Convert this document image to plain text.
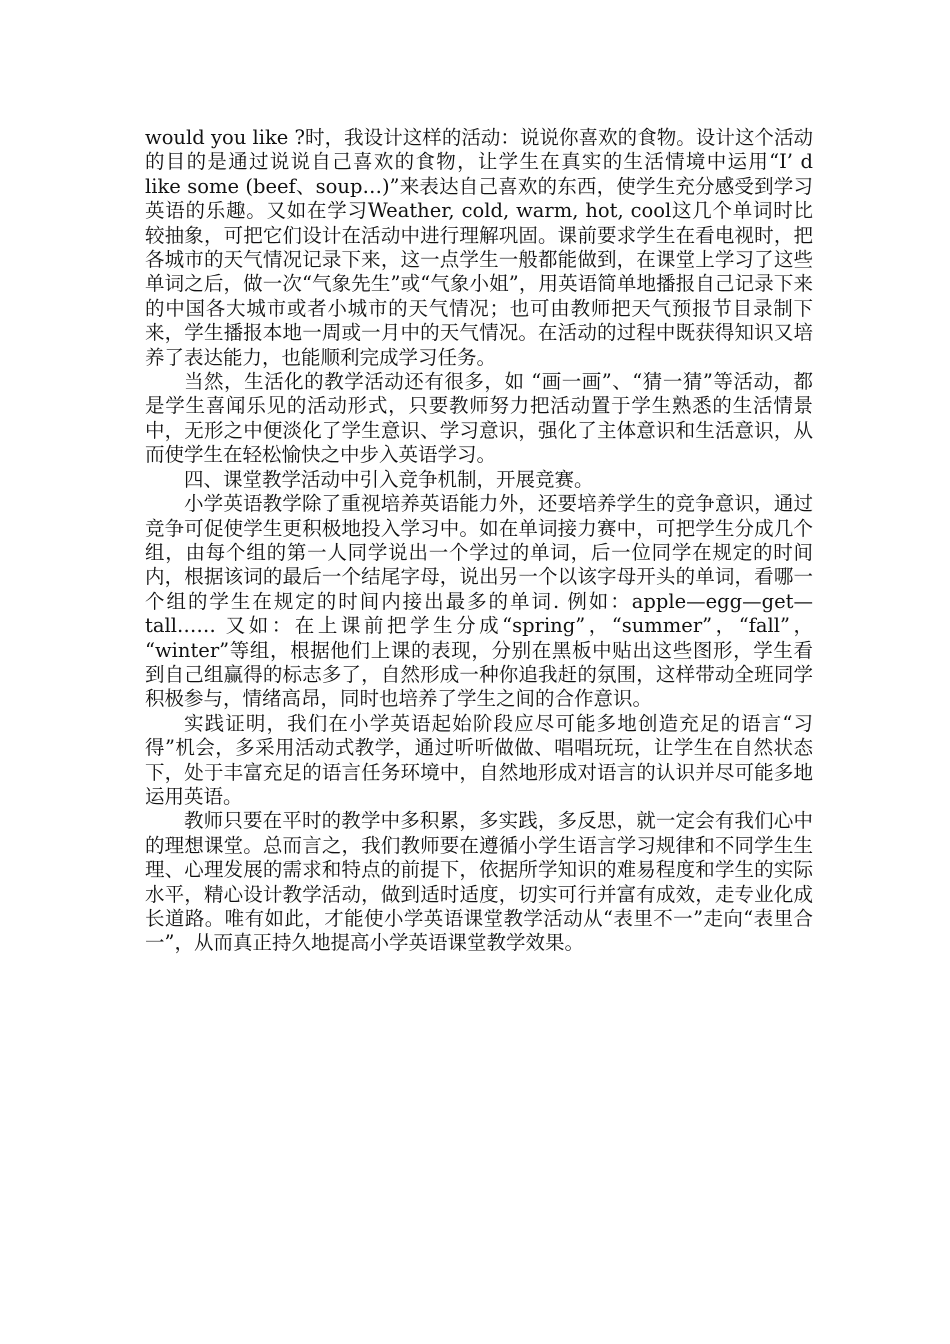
would you like ?时，我设计这样的活动：说说你喜欢的食物。设计这个活动的目的是通过说说自己喜欢的食物，让学生在真实的生活情境中运用“I’ d like some (beef、soup…)”来表达自己喜欢的东西，使学生充分感受到学习英语的乐趣。又如在学习Weather, cold, warm, hot, cool这几个单词时比较抽象，可把它们设计在活动中进行理解巩固。课前要求学生在看电视时，把各城市的天气情况记录下来，这一点学生一般都能做到，在课堂上学习了这些单词之后，做一次“气象先生”或“气象小姐”，用英语简单地播报自己记录下来的中国各大城市或者小城市的天气情况；也可由教师把天气预报节目录制下来，学生播报本地一周或一月中的天气情况。在活动的过程中既获得知识又培养了表达能力，也能顺利完成学习任务。

当然，生活化的教学活动还有很多，如 “画一画”、“猜一猜”等活动，都是学生喜闻乐见的活动形式，只要教师努力把活动置于学生熟悉的生活情景中，无形之中便淡化了学生意识、学习意识，强化了主体意识和生活意识，从而使学生在轻松愉快之中步入英语学习。

四、课堂教学活动中引入竞争机制，开展竞赛。

小学英语教学除了重视培养英语能力外，还要培养学生的竞争意识，通过竞争可促使学生更积极地投入学习中。如在单词接力赛中，可把学生分成几个组，由每个组的第一人同学说出一个学过的单词，后一位同学在规定的时间内，根据该词的最后一个结尾字母，说出另一个以该字母开头的单词，看哪一个组的学生在规定的时间内接出最多的单词. 例如：apple—egg—get—tall…… 又如：在上课前把学生分成“spring”，“summer”，“fall”， “winter”等组，根据他们上课的表现，分别在黑板中贴出这些图形，学生看到自己组赢得的标志多了，自然形成一种你追我赶的氛围，这样带动全班同学积极参与，情绪高昂，同时也培养了学生之间的合作意识。

实践证明，我们在小学英语起始阶段应尽可能多地创造充足的语言“习得”机会，多采用活动式教学，通过听听做做、唱唱玩玩，让学生在自然状态下，处于丰富充足的语言任务环境中，自然地形成对语言的认识并尽可能多地运用英语。

教师只要在平时的教学中多积累，多实践，多反思，就一定会有我们心中的理想课堂。总而言之，我们教师要在遵循小学生语言学习规律和不同学生生理、心理发展的需求和特点的前提下，依据所学知识的难易程度和学生的实际水平，精心设计教学活动，做到适时适度，切实可行并富有成效，走专业化成长道路。唯有如此，才能使小学英语课堂教学活动从“表里不一”走向“表里合一”，从而真正持久地提高小学英语课堂教学效果。
